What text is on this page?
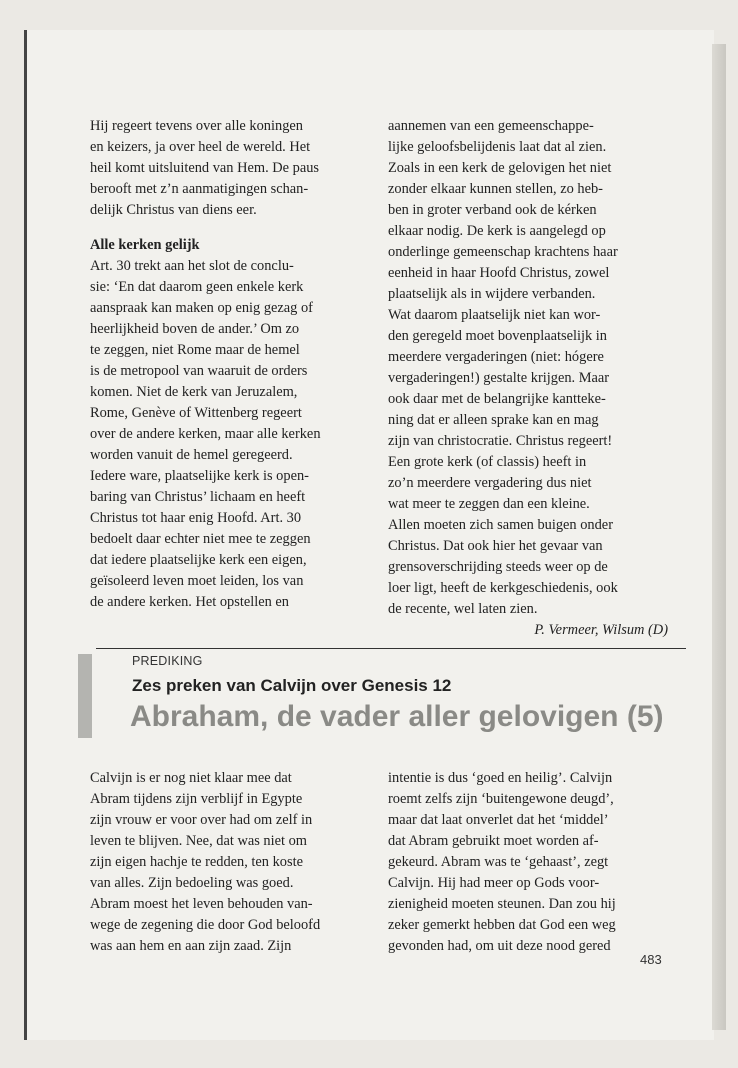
Hij regeert tevens over alle koningen
en keizers, ja over heel de wereld. Het
heil komt uitsluitend van Hem. De paus
berooft met z’n aanmatigingen schan-
delijk Christus van diens eer.

Alle kerken gelijk

Art. 30 trekt aan het slot de conclu-
sie: ‘En dat daarom geen enkele kerk
aanspraak kan maken op enig gezag of
heerlijkheid boven de ander.’ Om zo
te zeggen, niet Rome maar de hemel
is de metropool van waaruit de orders
komen. Niet de kerk van Jeruzalem,
Rome, Genève of Wittenberg regeert
over de andere kerken, maar alle kerken
worden vanuit de hemel geregeerd.
Iedere ware, plaatselijke kerk is open-
baring van Christus’ lichaam en heeft
Christus tot haar enig Hoofd. Art. 30
bedoelt daar echter niet mee te zeggen
dat iedere plaatselijke kerk een eigen,
geïsoleerd leven moet leiden, los van
de andere kerken. Het opstellen en

aannemen van een gemeenschappe-
lijke geloofsbelijdenis laat dat al zien.
Zoals in een kerk de gelovigen het niet
zonder elkaar kunnen stellen, zo heb-
ben in groter verband ook de kérken
elkaar nodig. De kerk is aangelegd op
onderlinge gemeenschap krachtens haar
eenheid in haar Hoofd Christus, zowel
plaatselijk als in wijdere verbanden.
Wat daarom plaatselijk niet kan wor-
den geregeld moet bovenplaatselijk in
meerdere vergaderingen (niet: hógere
vergaderingen!) gestalte krijgen. Maar
ook daar met de belangrijke kantteke-
ning dat er alleen sprake kan en mag
zijn van christocratie. Christus regeert!
Een grote kerk (of classis) heeft in
zo’n meerdere vergadering dus niet
wat meer te zeggen dan een kleine.
Allen moeten zich samen buigen onder
Christus. Dat ook hier het gevaar van
grensoverschrijding steeds weer op de
loer ligt, heeft de kerkgeschiedenis, ook
de recente, wel laten zien.

P. Vermeer, Wilsum (D)
PREDIKING
Zes preken van Calvijn over Genesis 12
Abraham, de vader aller gelovigen (5)

Calvijn is er nog niet klaar mee dat
Abram tijdens zijn verblijf in Egypte
zijn vrouw er voor over had om zelf in
leven te blijven. Nee, dat was niet om
zijn eigen hachje te redden, ten koste
van alles. Zijn bedoeling was goed.
Abram moest het leven behouden van-
wege de zegening die door God beloofd
was aan hem en aan zijn zaad. Zijn

intentie is dus ‘goed en heilig’. Calvijn
roemt zelfs zijn ‘buitengewone deugd’,
maar dat laat onverlet dat het ‘middel’
dat Abram gebruikt moet worden af-
gekeurd. Abram was te ‘gehaast’, zegt
Calvijn. Hij had meer op Gods voor-
zienigheid moeten steunen. Dan zou hij
zeker gemerkt hebben dat God een weg
gevonden had, om uit deze nood gered

483
